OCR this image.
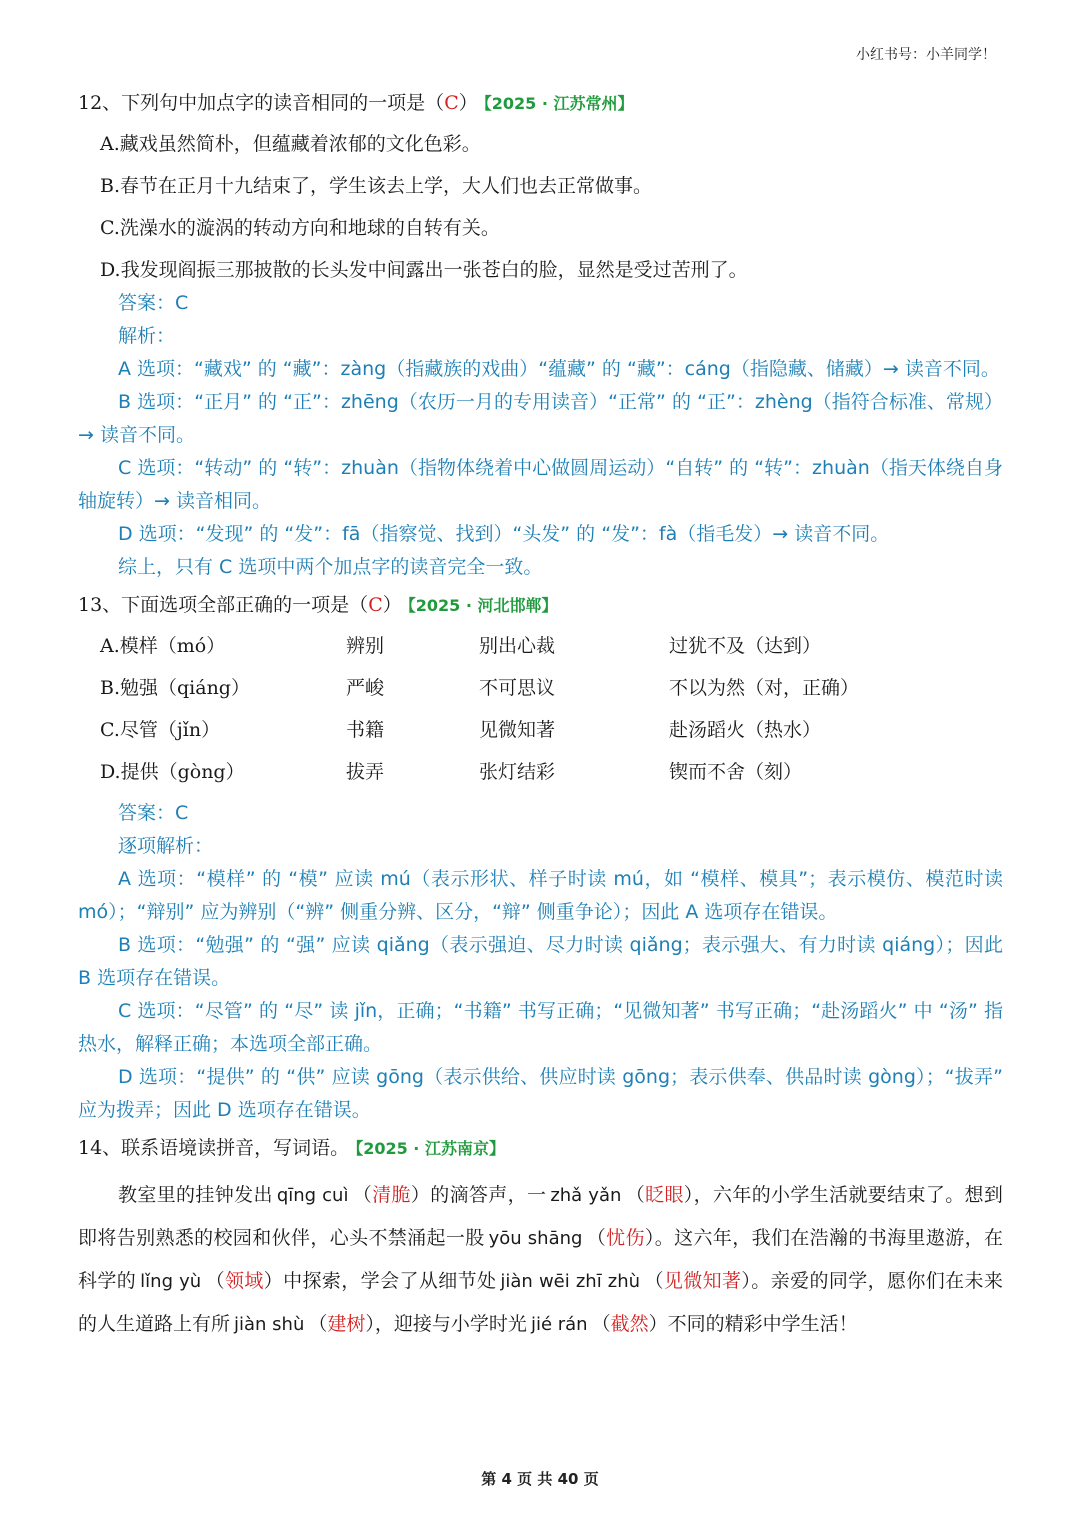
小红书号：小羊同学！
12、下列句中加点字的读音相同的一项是（C） 【2025 · 江苏常州】
A.藏戏虽然简朴，但蕴藏着浓郁的文化色彩。
B.春节在正月十九结束了，学生该去上学，大人们也去正常做事。
C.洗澡水的漩涡的转动方向和地球的自转有关。
D.我发现阎振三那披散的长头发中间露出一张苍白的脸，显然是受过苦刑了。
答案：C
解析：
A 选项：“藏戏” 的 “藏”：zàng（指藏族的戏曲）“蕴藏” 的 “藏”：cáng（指隐藏、储藏）→ 读音不同。
B 选项：“正月” 的 “正”：zhēng（农历一月的专用读音）“正常” 的 “正”：zhèng（指符合标准、常规）→ 读音不同。
C 选项：“转动” 的 “转”：zhuàn（指物体绕着中心做圆周运动）“自转” 的 “转”：zhuàn（指天体绕自身轴旋转）→ 读音相同。
D 选项：“发现” 的 “发”：fā（指察觉、找到）“头发” 的 “发”：fà（指毛发）→ 读音不同。
综上，只有 C 选项中两个加点字的读音完全一致。
13、下面选项全部正确的一项是（C） 【2025 · 河北邯郸】
A.模样（mó）	辨别	别出心裁	过犹不及（达到）
B.勉强（qiáng）	严峻	不可思议	不以为然（对，正确）
C.尽管（jǐn）	书籍	见微知著	赴汤蹈火（热水）
D.提供（gòng）	拔弄	张灯结彩	锲而不舍（刻）
答案：C
逐项解析：
A 选项：“模样” 的 “模” 应读 mú（表示形状、样子时读 mú，如 “模样、模具”；表示模仿、模范时读 mó）；“辩别” 应为辨别（“辨” 侧重分辨、区分，“辩” 侧重争论）；因此 A 选项存在错误。
B 选项：“勉强” 的 “强” 应读 qiǎng（表示强迫、尽力时读 qiǎng；表示强大、有力时读 qiáng）；因此 B 选项存在错误。
C 选项：“尽管” 的 “尽” 读 jǐn，正确；“书籍” 书写正确；“见微知著” 书写正确；“赴汤蹈火” 中 “汤” 指热水，解释正确；本选项全部正确。
D 选项：“提供” 的 “供” 应读 gōng（表示供给、供应时读 gōng；表示供奉、供品时读 gòng）；“拔弄” 应为拨弄；因此 D 选项存在错误。
14、联系语境读拼音，写词语。 【2025 · 江苏南京】
教室里的挂钟发出 qīng cuì （清脆）的滴答声，一 zhǎ yǎn （眨眼），六年的小学生活就要结束了。想到即将告别熟悉的校园和伙伴，心头不禁涌起一股 yōu shāng （忧伤）。这六年，我们在浩瀚的书海里遨游，在科学的 lǐng yù （领域）中探索，学会了从细节处 jiàn wēi zhī zhù （见微知著）。亲爱的同学，愿你们在未来的人生道路上有所 jiàn shù （建树），迎接与小学时光 jié rán （截然）不同的精彩中学生活！
第 4 页 共 40 页
